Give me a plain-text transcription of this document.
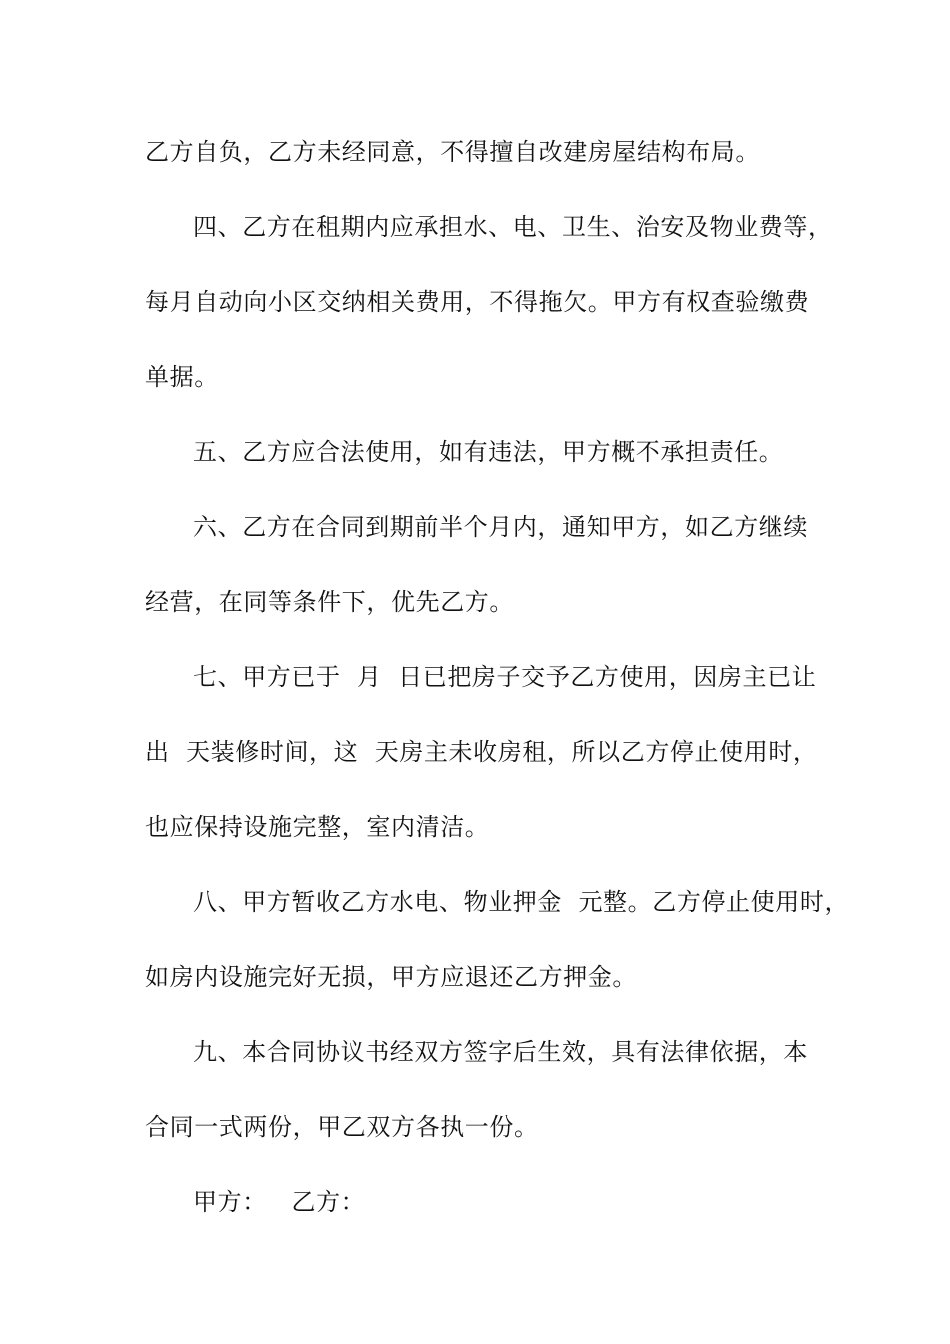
乙方自负，乙方未经同意，不得擅自改建房屋结构布局。
四、乙方在租期内应承担水、电、卫生、治安及物业费等，
每月自动向小区交纳相关费用，不得拖欠。甲方有权查验缴费
单据。
五、乙方应合法使用，如有违法，甲方概不承担责任。
六、乙方在合同到期前半个月内，通知甲方，如乙方继续
经营，在同等条件下，优先乙方。
七、甲方已于  月  日已把房子交予乙方使用，因房主已让
出  天装修时间，这  天房主未收房租，所以乙方停止使用时，
也应保持设施完整，室内清洁。
八、甲方暂收乙方水电、物业押金  元整。乙方停止使用时，
如房内设施完好无损，甲方应退还乙方押金。
九、本合同协议书经双方签字后生效，具有法律依据，本
合同一式两份，甲乙双方各执一份。
甲方：   乙方：
